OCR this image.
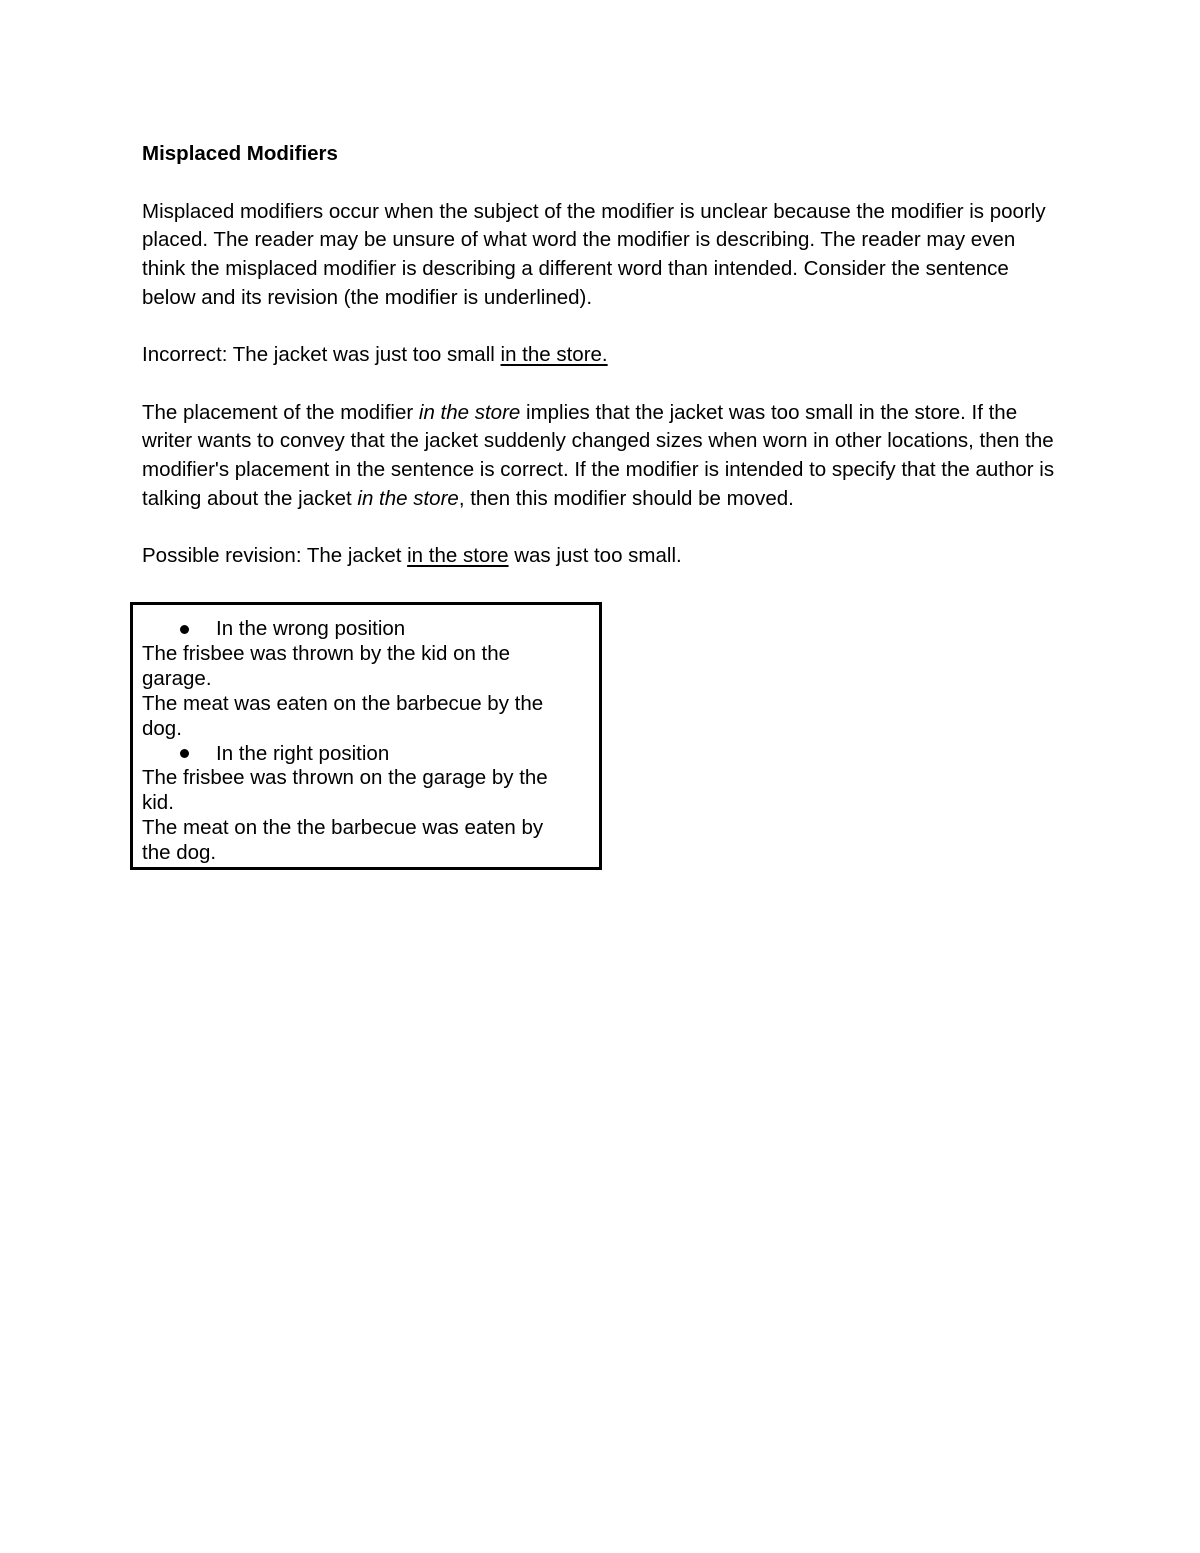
Misplaced Modifiers
Misplaced modifiers occur when the subject of the modifier is unclear because the modifier is poorly placed. The reader may be unsure of what word the modifier is describing. The reader may even think the misplaced modifier is describing a different word than intended. Consider the sentence below and its revision (the modifier is underlined).
Incorrect: The jacket was just too small in the store.
The placement of the modifier in the store implies that the jacket was too small in the store. If the writer wants to convey that the jacket suddenly changed sizes when worn in other locations, then the modifier's placement in the sentence is correct. If the modifier is intended to specify that the author is talking about the jacket in the store, then this modifier should be moved.
Possible revision: The jacket in the store was just too small.
In the wrong position
The frisbee was thrown by the kid on the garage.
The meat was eaten on the barbecue by the dog.
In the right position
The frisbee was thrown on the garage by the kid.
The meat on the the barbecue was eaten by the dog.
